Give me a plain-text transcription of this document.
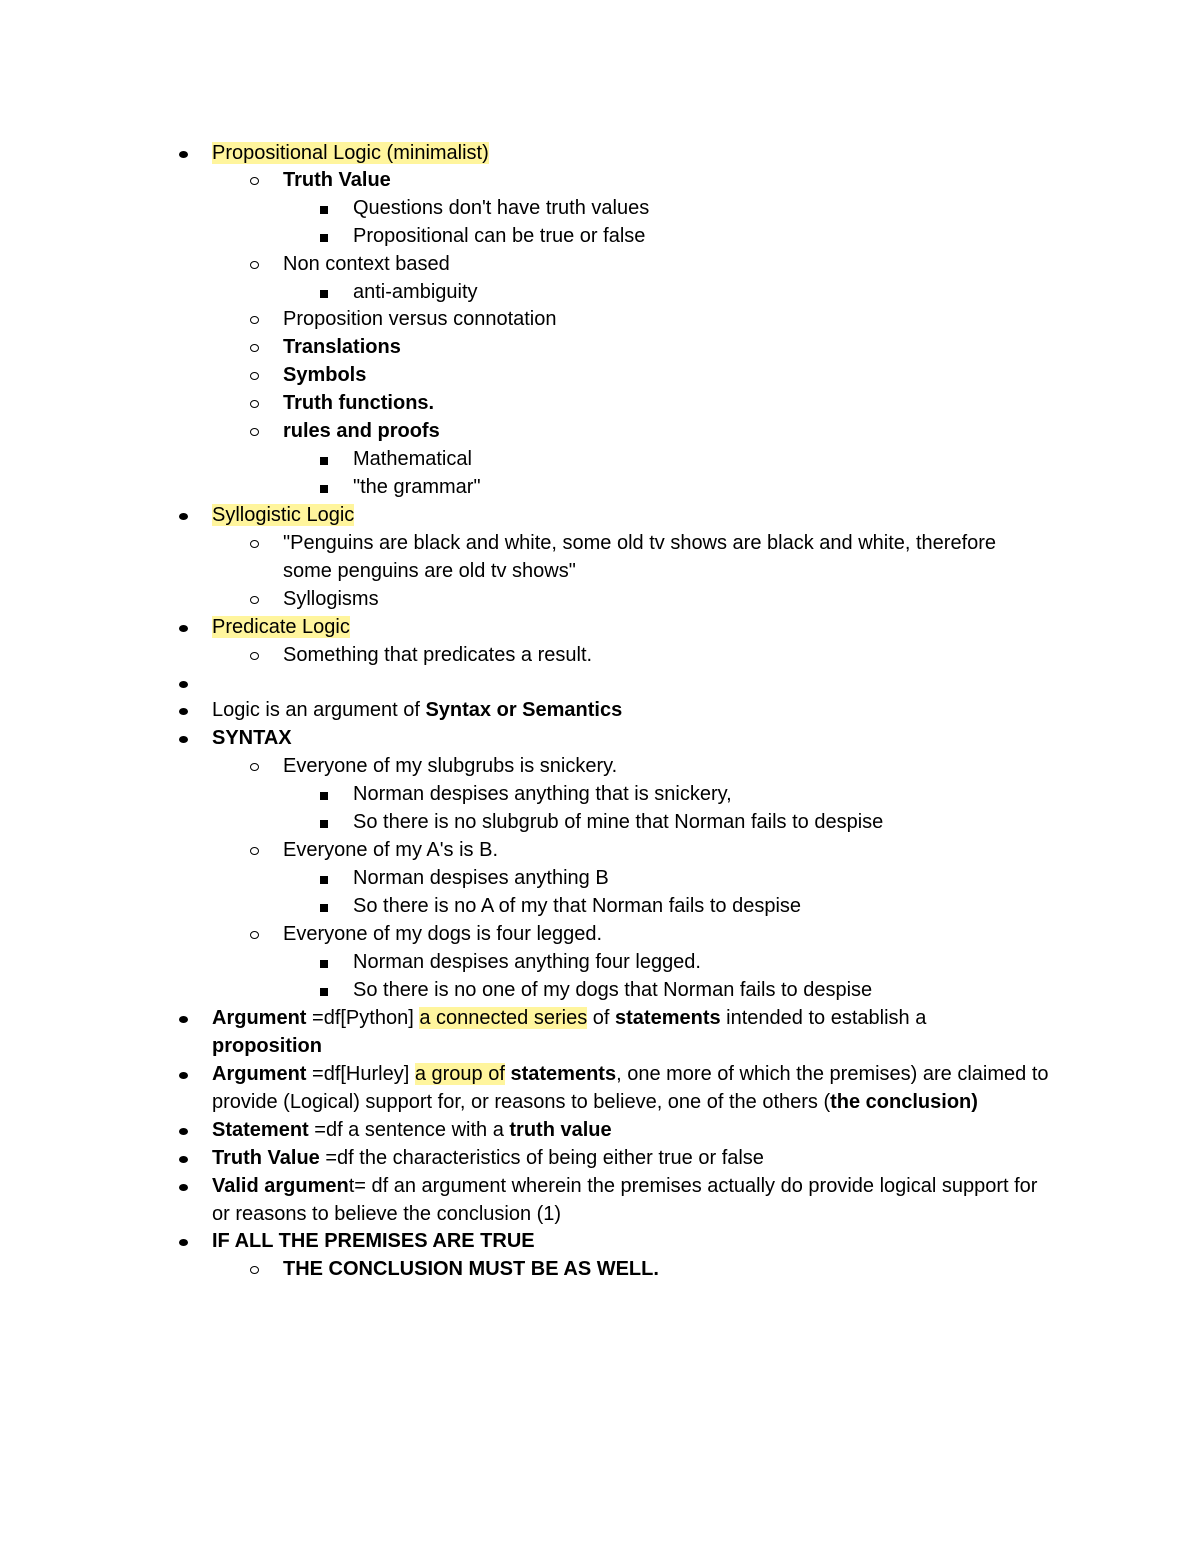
Propositional Logic (minimalist)
Truth Value
Questions don't have truth values
Propositional can be true or false
Non context based
anti-ambiguity
Proposition versus connotation
Translations
Symbols
Truth functions.
rules and proofs
Mathematical
"the grammar"
Syllogistic Logic
"Penguins are black and white, some old tv shows are black and white, therefore some penguins are old tv shows"
Syllogisms
Predicate Logic
Something that predicates a result.
Logic is an argument of Syntax or Semantics
SYNTAX
Everyone of my slubgrubs is snickery.
Norman despises anything that is snickery,
So there is no slubgrub of mine that Norman fails to despise
Everyone of my A's is B.
Norman despises anything B
So there is no A of my that Norman fails to despise
Everyone of my dogs is four legged.
Norman despises anything four legged.
So there is no one of my dogs that Norman fails to despise
Argument =df[Python] a connected series of statements intended to establish a proposition
Argument =df[Hurley] a group of statements, one more of which the premises) are claimed to provide (Logical) support for, or reasons to believe, one of the others (the conclusion)
Statement =df a sentence with a truth value
Truth Value =df the characteristics of being either true or false
Valid argument= df an argument wherein the premises actually do provide logical support for or reasons to believe the conclusion (1)
IF ALL THE PREMISES ARE TRUE
THE CONCLUSION MUST BE AS WELL.
